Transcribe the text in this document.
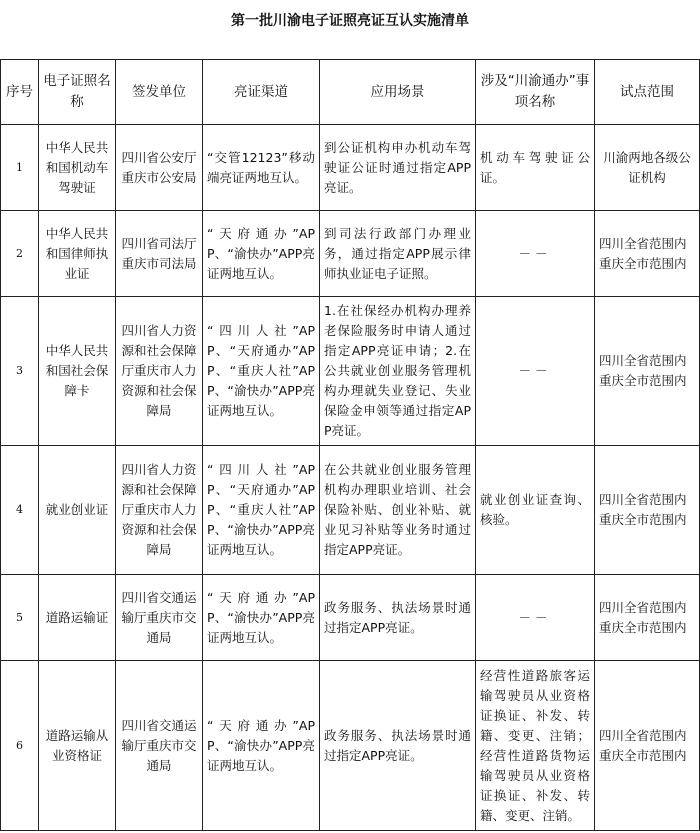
第一批川渝电子证照亮证互认实施清单
序号	电子证照名称	签发单位	亮证渠道	应用场景	涉及“川渝通办”事项名称	试点范围
1	中华人民共和国机动车驾驶证	四川省公安厅重庆市公安局	“交管12123”移动端亮证两地互认。	到公证机构申办机动车驾驶证公证时通过指定APP亮证。	机动车驾驶证公证。	川渝两地各级公证机构
2	中华人民共和国律师执业证	四川省司法厅重庆市司法局	“天府通办”APP、“渝快办”APP亮证两地互认。	到司法行政部门办理业务，通过指定APP展示律师执业证电子证照。	－－	四川全省范围内重庆全市范围内
3	中华人民共和国社会保障卡	四川省人力资源和社会保障厅重庆市人力资源和社会保障局	“四川人社”APP、“天府通办”APP、“重庆人社”APP、“渝快办”APP亮证两地互认。	1.在社保经办机构办理养老保险服务时申请人通过指定APP亮证申请；2.在公共就业创业服务管理机构办理就失业登记、失业保险金申领等通过指定APP亮证。	－－	四川全省范围内重庆全市范围内
4	就业创业证	四川省人力资源和社会保障厅重庆市人力资源和社会保障局	“四川人社”APP、“天府通办”APP、“重庆人社”APP、“渝快办”APP亮证两地互认。	在公共就业创业服务管理机构办理职业培训、社会保险补贴、创业补贴、就业见习补贴等业务时通过指定APP亮证。	就业创业证查询、核验。	四川全省范围内重庆全市范围内
5	道路运输证	四川省交通运输厅重庆市交通局	“天府通办”APP、“渝快办”APP亮证两地互认。	政务服务、执法场景时通过指定APP亮证。	－－	四川全省范围内重庆全市范围内
6	道路运输从业资格证	四川省交通运输厅重庆市交通局	“天府通办”APP、“渝快办”APP亮证两地互认。	政务服务、执法场景时通过指定APP亮证。	经营性道路旅客运输驾驶员从业资格证换证、补发、转籍、变更、注销；经营性道路货物运输驾驶员从业资格证换证、补发、转籍、变更、注销。	四川全省范围内重庆全市范围内
